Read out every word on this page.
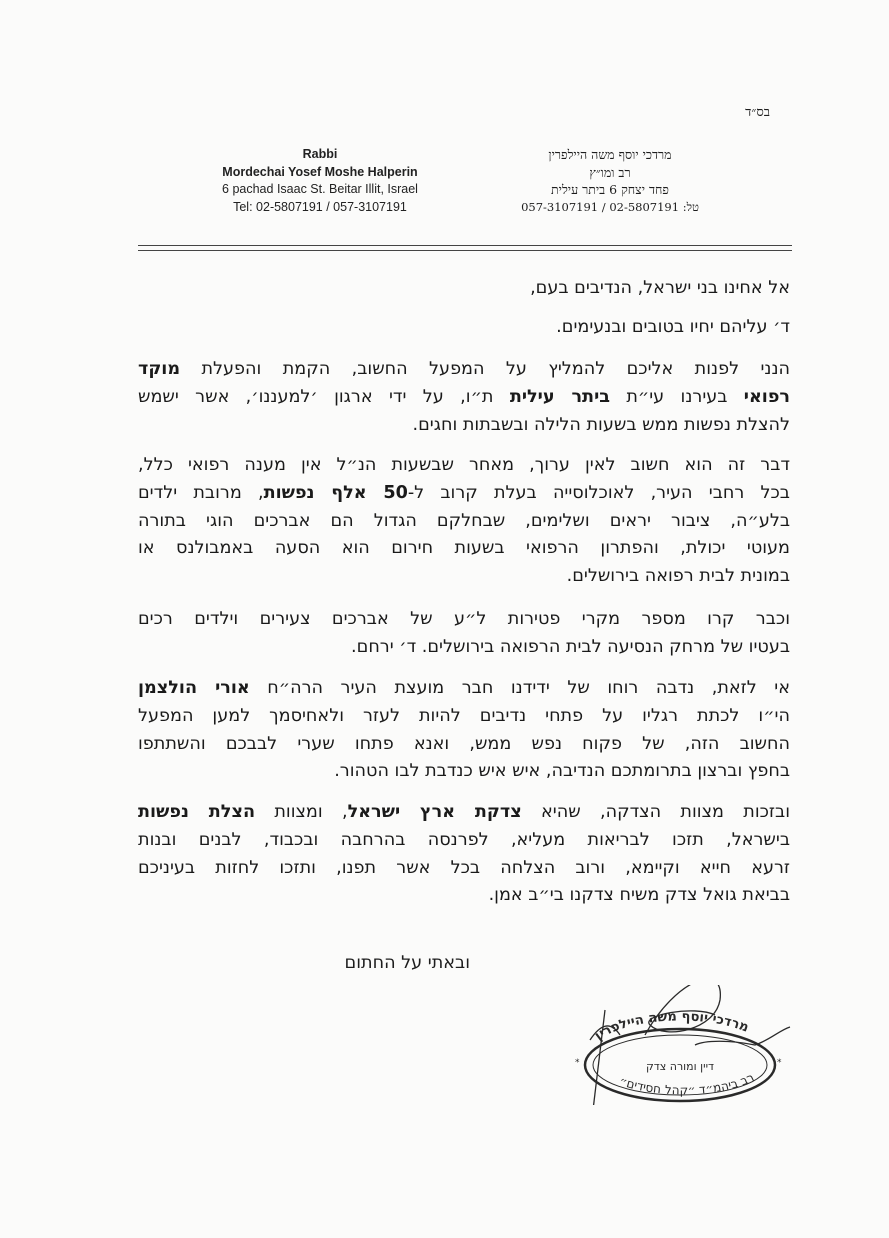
בס״ד
מרדכי יוסף משה היילפרין
רב ומו״ץ
פחד יצחק 6 ביתר עילית
טל: 02-5807191 / 057-3107191
Rabbi
Mordechai Yosef Moshe Halperin
6 pachad Isaac St. Beitar Illit, Israel
Tel: 02-5807191 / 057-3107191
אל אחינו בני ישראל, הנדיבים בעם,
ד׳ עליהם יחיו בטובים ובנעימים.
הנני לפנות אליכם להמליץ על המפעל החשוב, הקמת והפעלת מוקד
רפואי בעירנו עי״ת ביתר עילית ת״ו, על ידי ארגון ׳למעננו׳, אשר ישמש
להצלת נפשות ממש בשעות הלילה ובשבתות וחגים.
דבר זה הוא חשוב לאין ערוך, מאחר שבשעות הנ״ל אין מענה רפואי כלל,
בכל רחבי העיר, לאוכלוסייה בעלת קרוב ל-50 אלף נפשות, מרובת ילדים
בלע״ה, ציבור יראים ושלימים, שבחלקם הגדול הם אברכים הוגי בתורה
מעוטי יכולת, והפתרון הרפואי בשעות חירום הוא הסעה באמבולנס או
במונית לבית רפואה בירושלים.
וכבר קרו מספר מקרי פטירות ל״ע של אברכים צעירים וילדים רכים
בעטיו של מרחק הנסיעה לבית הרפואה בירושלים. ד׳ ירחם.
אי לזאת, נדבה רוחו של ידידנו חבר מועצת העיר הרה״ח אורי הולצמן
הי״ו לכתת רגליו על פתחי נדיבים להיות לעזר ולאחיסמך למען המפעל
החשוב הזה, של פקוח נפש ממש, ואנא פתחו שערי לבבכם והשתתפו
בחפץ וברצון בתרומתכם הנדיבה, איש איש כנדבת לבו הטהור.
ובזכות מצוות הצדקה, שהיא צדקת ארץ ישראל, ומצוות הצלת נפשות
בישראל, תזכו לבריאות מעליא, לפרנסה בהרחבה ובכבוד, לבנים ובנות
זרעא חייא וקיימא, ורוב הצלחה בכל אשר תפנו, ותזכו לחזות בעיניכם
בביאת גואל צדק משיח צדקנו בי״ב אמן.
ובאתי על החתום
מרדכי יוסף משה היילפרין
דיין ומורה צדק
רב ביהמ״ד ״קהל חסידים״
*	*
